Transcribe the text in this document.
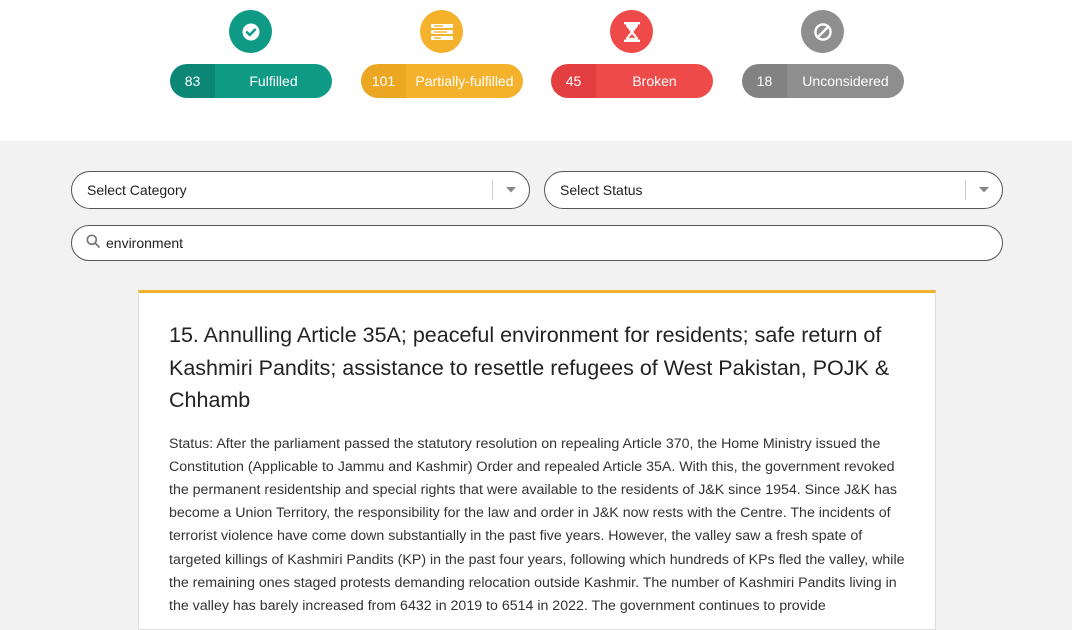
83	Fulfilled	101	Partially-fulfilled	45	Broken	18	Unconsidered
Select Category	Select Status
environment
15. Annulling Article 35A; peaceful environment for residents; safe return of Kashmiri Pandits; assistance to resettle refugees of West Pakistan, POJK & Chhamb

Status: After the parliament passed the statutory resolution on repealing Article 370, the Home Ministry issued the Constitution (Applicable to Jammu and Kashmir) Order and repealed Article 35A. With this, the government revoked the permanent residentship and special rights that were available to the residents of J&K since 1954. Since J&K has become a Union Territory, the responsibility for the law and order in J&K now rests with the Centre. The incidents of terrorist violence have come down substantially in the past five years. However, the valley saw a fresh spate of targeted killings of Kashmiri Pandits (KP) in the past four years, following which hundreds of KPs fled the valley, while the remaining ones staged protests demanding relocation outside Kashmir. The number of Kashmiri Pandits living in the valley has barely increased from 6432 in 2019 to 6514 in 2022. The government continues to provide
